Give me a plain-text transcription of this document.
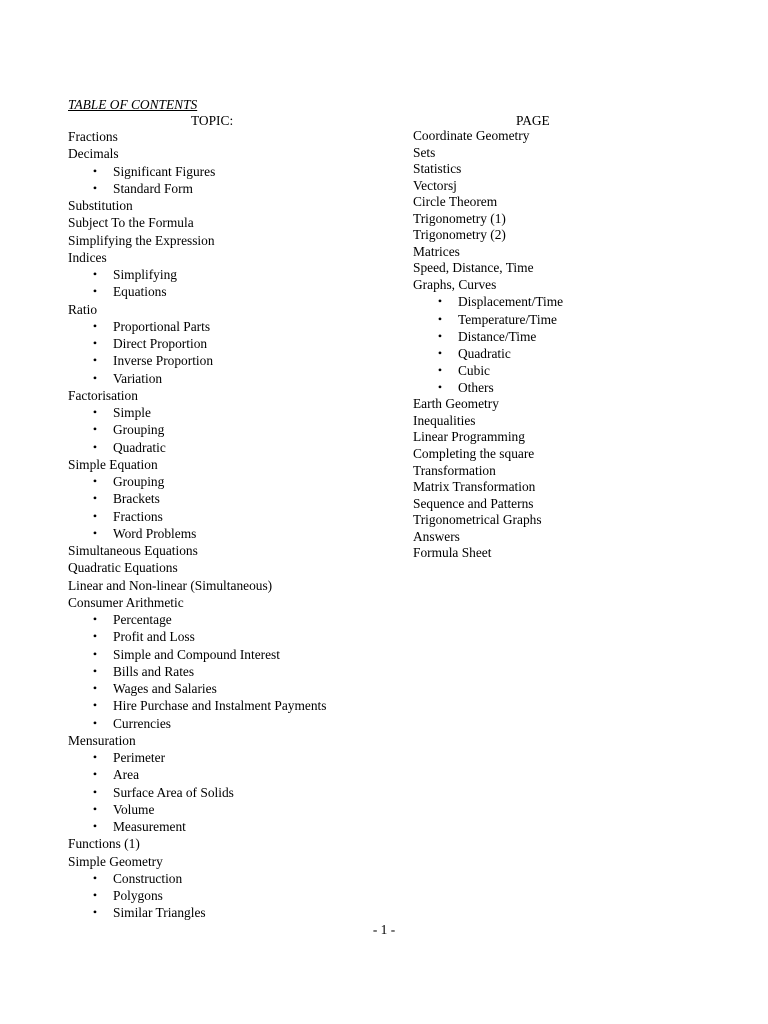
TABLE OF CONTENTS
TOPIC:	PAGE
Fractions
Decimals
• Significant Figures
• Standard Form
Substitution
Subject To the Formula
Simplifying the Expression
Indices
• Simplifying
• Equations
Ratio
• Proportional Parts
• Direct Proportion
• Inverse Proportion
• Variation
Factorisation
• Simple
• Grouping
• Quadratic
Simple Equation
• Grouping
• Brackets
• Fractions
• Word Problems
Simultaneous Equations
Quadratic Equations
Linear and Non-linear (Simultaneous)
Consumer Arithmetic
• Percentage
• Profit and Loss
• Simple and Compound Interest
• Bills and Rates
• Wages and Salaries
• Hire Purchase and Instalment Payments
• Currencies
Mensuration
• Perimeter
• Area
• Surface Area of Solids
• Volume
• Measurement
Functions (1)
Simple Geometry
• Construction
• Polygons
• Similar Triangles
Coordinate Geometry
Sets
Statistics
Vectorsj
Circle Theorem
Trigonometry (1)
Trigonometry (2)
Matrices
Speed, Distance, Time
Graphs, Curves
• Displacement/Time
• Temperature/Time
• Distance/Time
• Quadratic
• Cubic
• Others
Earth Geometry
Inequalities
Linear Programming
Completing the square
Transformation
Matrix Transformation
Sequence and Patterns
Trigonometrical Graphs
Answers
Formula Sheet
- 1 -
